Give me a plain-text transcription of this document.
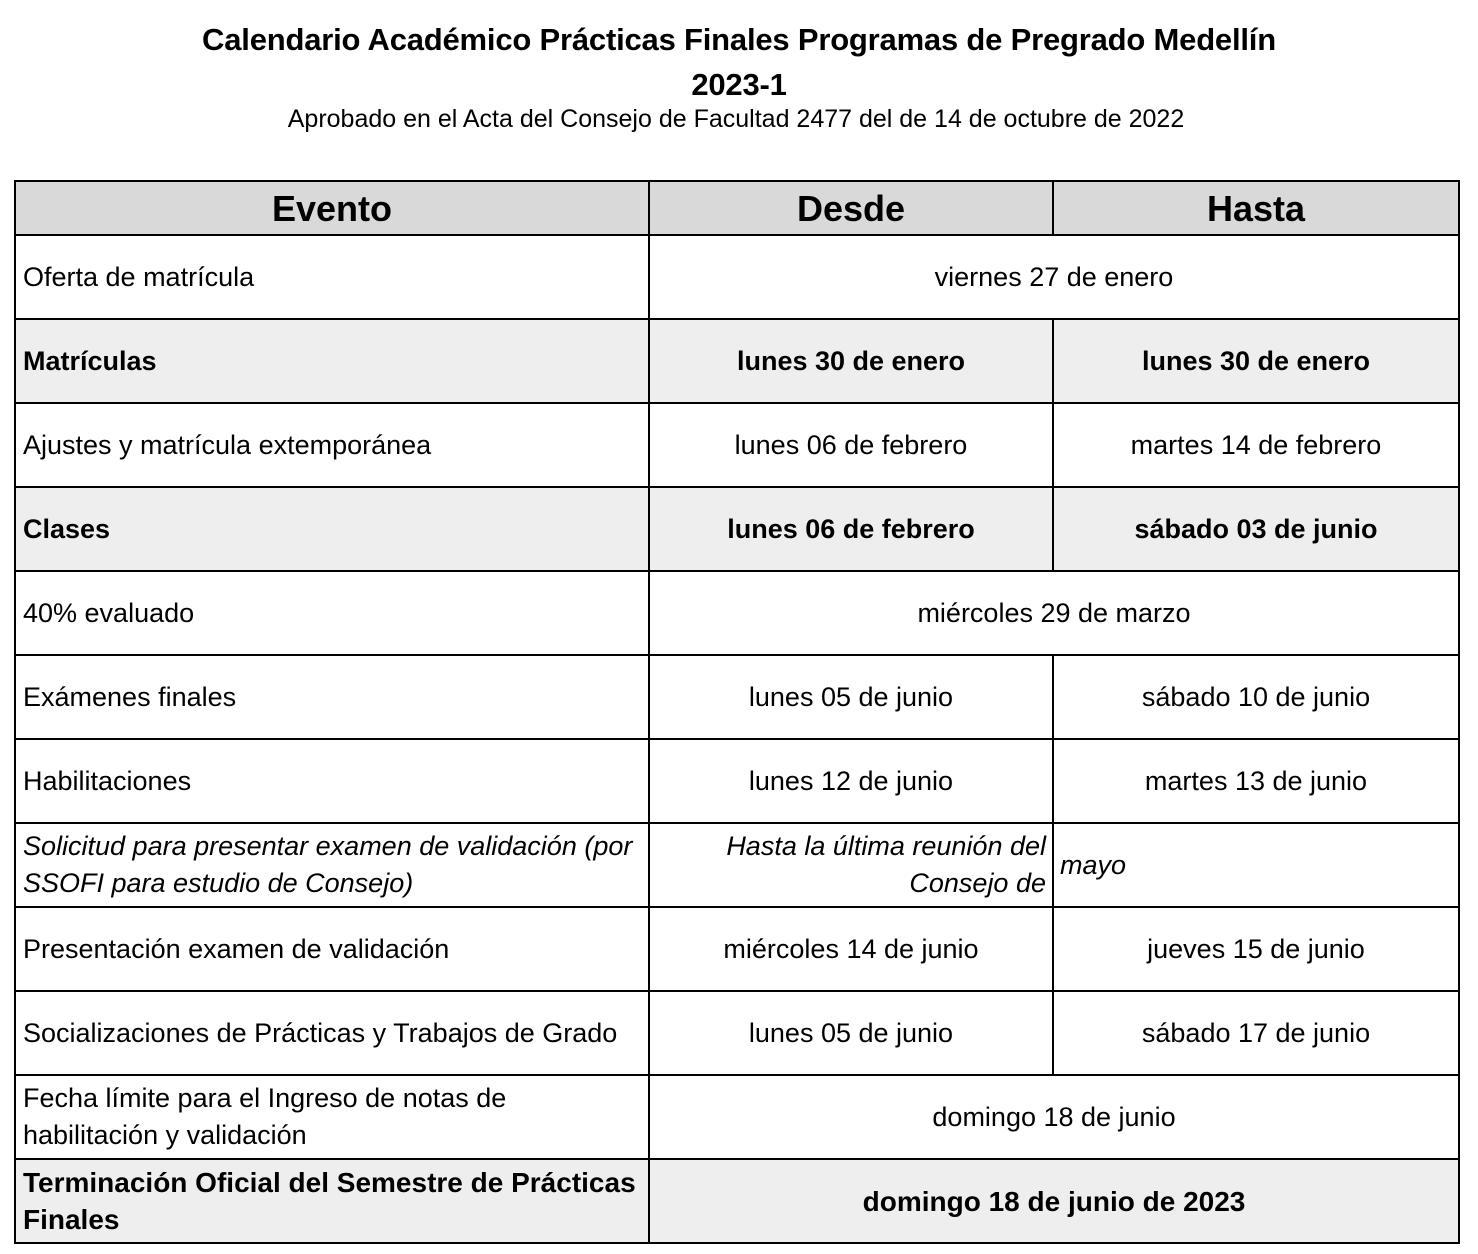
Calendario Académico Prácticas Finales Programas de Pregrado Medellín
2023-1
Aprobado en el Acta del Consejo de Facultad 2477 del de 14 de octubre de 2022
Evento	Desde	Hasta
Oferta de matrícula	viernes 27 de enero	
Matrículas	lunes 30 de enero	lunes 30 de enero
Ajustes y matrícula extemporánea	lunes 06 de febrero	martes 14 de febrero
Clases	lunes 06 de febrero	sábado 03 de junio
40% evaluado	miércoles 29 de marzo	
Exámenes finales	lunes 05 de junio	sábado 10 de junio
Habilitaciones	lunes 12 de junio	martes 13 de junio
Solicitud para presentar examen de validación (por SSOFI para estudio de Consejo)	Hasta la última reunión del Consejo de	mayo
Presentación examen de validación	miércoles 14 de junio	jueves 15 de junio
Socializaciones de Prácticas y Trabajos de Grado	lunes 05 de junio	sábado 17 de junio
Fecha límite para el Ingreso de notas de habilitación y validación	domingo 18 de junio	
Terminación Oficial del Semestre de Prácticas Finales	domingo 18 de junio de 2023	
